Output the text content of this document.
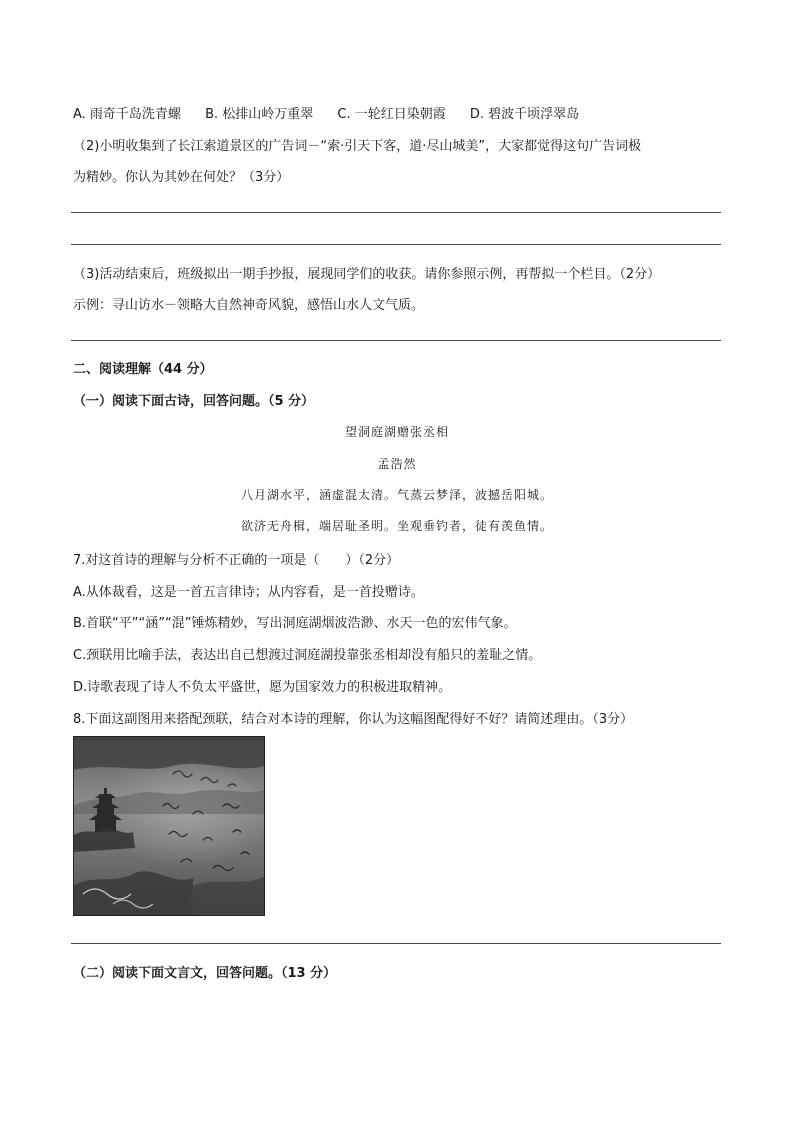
A. 雨奇千岛洗青螺 B. 松排山岭万重翠 C. 一轮红日染朝霞 D. 碧波千顷浮翠岛
（2)小明收集到了长江索道景区的广告词－“索·引天下客，道·尽山城美”，大家都觉得这句广告词极
为精妙。你认为其妙在何处？（3分）
（3)活动结束后，班级拟出一期手抄报，展现同学们的收获。请你参照示例，再帮拟一个栏目。（2分）
示例：寻山访水－领略大自然神奇风貌，感悟山水人文气质。
二、阅读理解（44 分）
（一）阅读下面古诗，回答问题。（5 分）
望洞庭湖赠张丞相
孟浩然
八月湖水平，涵虚混太清。气蒸云梦泽，波撼岳阳城。
欲济无舟楫，端居耻圣明。坐观垂钓者，徒有羡鱼情。
7.对这首诗的理解与分析不正确的一项是（　　）（2分）
A.从体裁看，这是一首五言律诗；从内容看，是一首投赠诗。
B.首联“平”“涵”“混”锤炼精妙，写出洞庭湖烟波浩渺、水天一色的宏伟气象。
C.颈联用比喻手法，表达出自己想渡过洞庭湖投靠张丞相却没有船只的羞耻之情。
D.诗歌表现了诗人不负太平盛世，愿为国家效力的积极进取精神。
8.下面这副图用来搭配颈联，结合对本诗的理解，你认为这幅图配得好不好？请简述理由。（3分）
（二）阅读下面文言文，回答问题。（13 分）
